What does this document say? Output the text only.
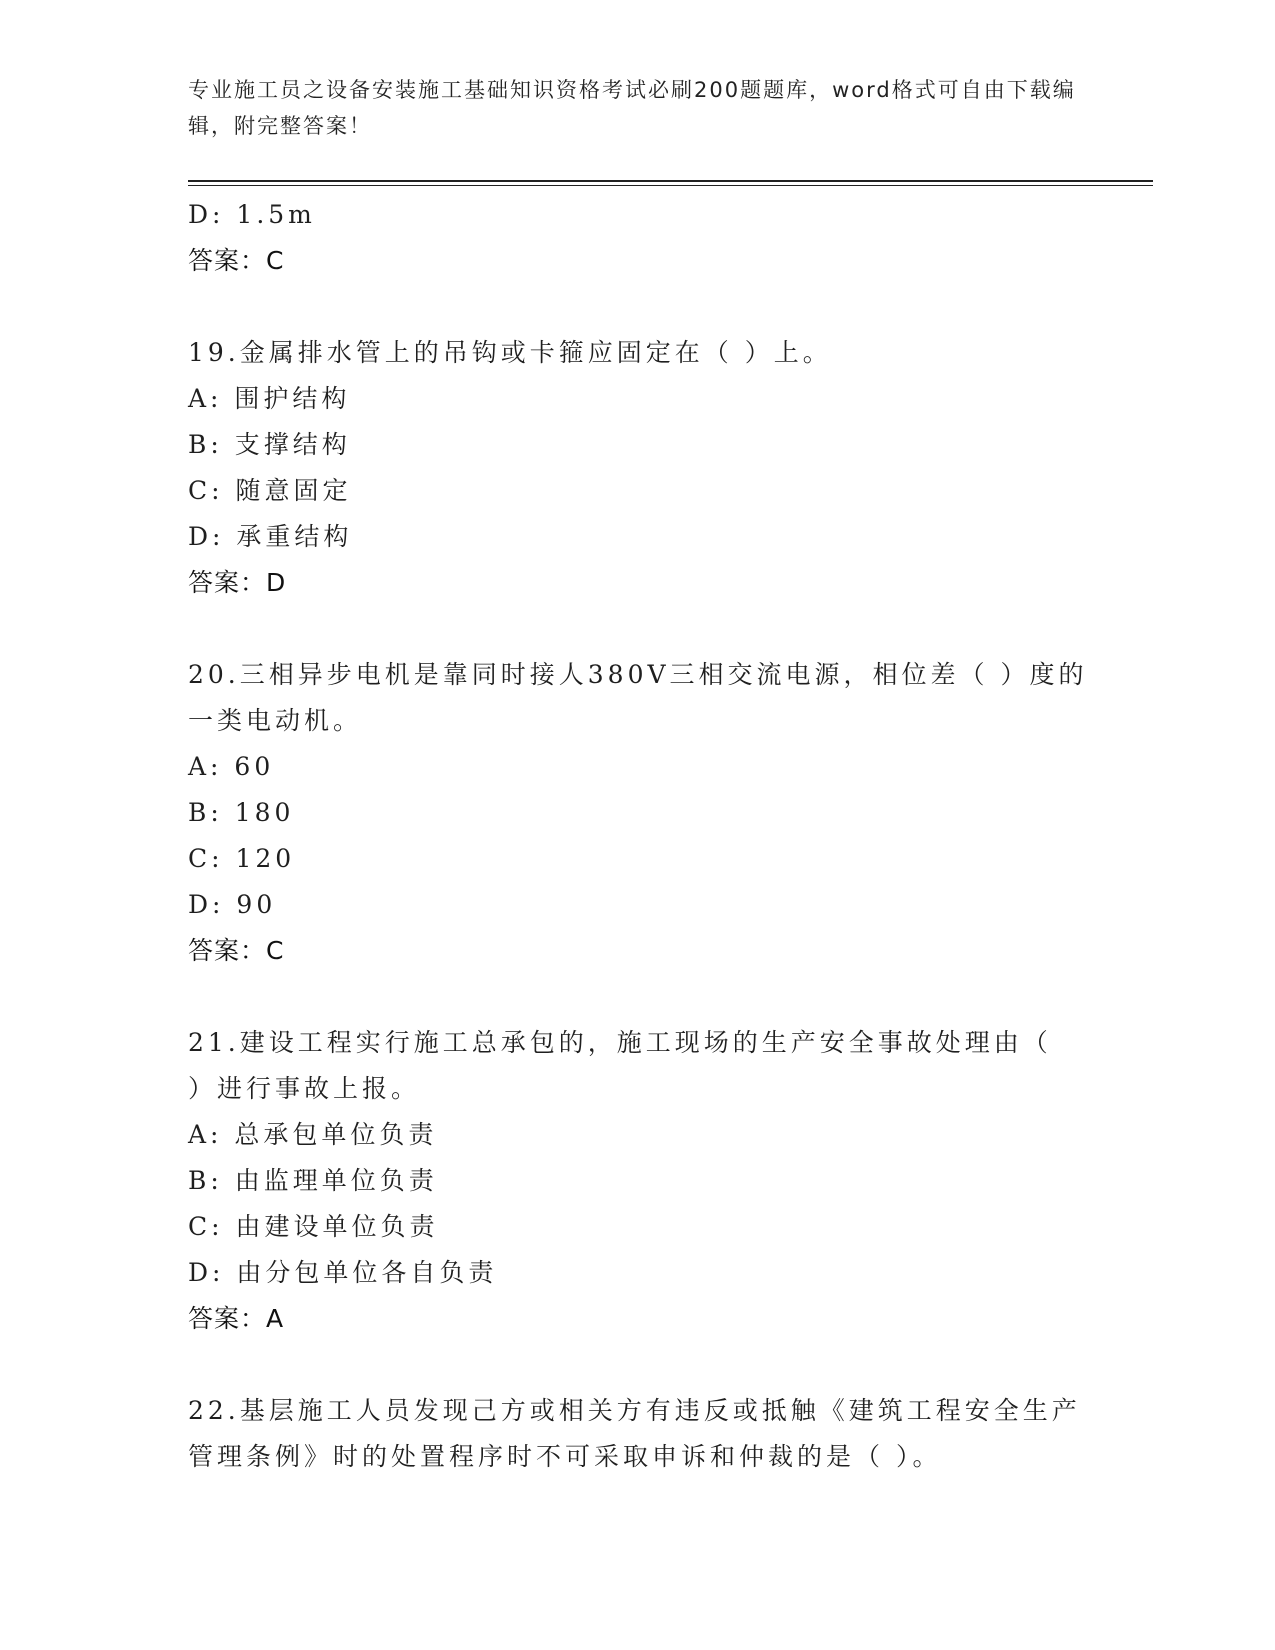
专业施工员之设备安装施工基础知识资格考试必刷200题题库，word格式可自由下载编辑，附完整答案！
D: 1.5m
答案：C
19.金属排水管上的吊钩或卡箍应固定在（ ）上。
A: 围护结构
B: 支撑结构
C: 随意固定
D: 承重结构
答案：D
20.三相异步电机是靠同时接人380V三相交流电源，相位差（ ）度的
一类电动机。
A: 60
B: 180
C: 120
D: 90
答案：C
21.建设工程实行施工总承包的，施工现场的生产安全事故处理由（
）进行事故上报。
A: 总承包单位负责
B: 由监理单位负责
C: 由建设单位负责
D: 由分包单位各自负责
答案：A
22.基层施工人员发现己方或相关方有违反或抵触《建筑工程安全生产
管理条例》时的处置程序时不可采取申诉和仲裁的是（ ）。
